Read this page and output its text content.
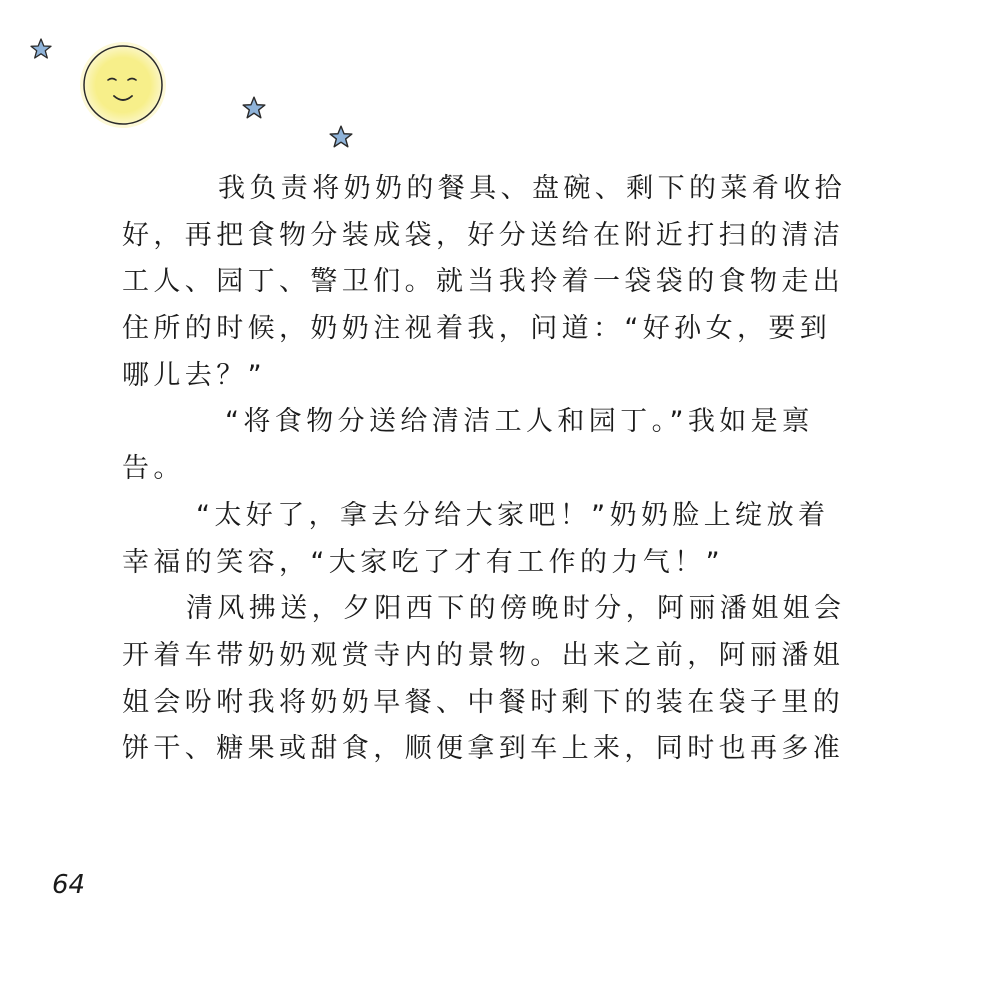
我负责将奶奶的餐具、盘碗、剩下的菜肴收拾
好，再把食物分装成袋，好分送给在附近打扫的清洁
工人、园丁、警卫们。就当我拎着一袋袋的食物走出
住所的时候，奶奶注视着我，问道：“好孙女，要到
哪儿去？”
“将食物分送给清洁工人和园丁。”我如是禀
告。
“太好了，拿去分给大家吧！”奶奶脸上绽放着
幸福的笑容，“大家吃了才有工作的力气！”
清风拂送，夕阳西下的傍晚时分，阿丽潘姐姐会
开着车带奶奶观赏寺内的景物。出来之前，阿丽潘姐
姐会吩咐我将奶奶早餐、中餐时剩下的装在袋子里的
饼干、糖果或甜食，顺便拿到车上来，同时也再多准
64
